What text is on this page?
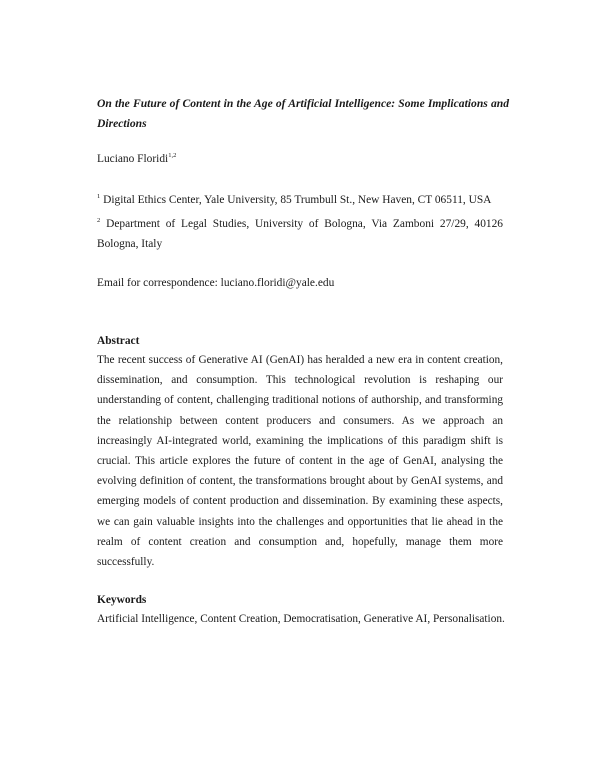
On the Future of Content in the Age of Artificial Intelligence: Some Implications and Directions

Luciano Floridi$^{1,2}$

$^1$ Digital Ethics Center, Yale University, 85 Trumbull St., New Haven, CT 06511, USA

$^2$ Department of Legal Studies, University of Bologna, Via Zamboni 27/29, 40126 Bologna, Italy

Email for correspondence: luciano.floridi@yale.edu

Abstract

The recent success of Generative AI (GenAI) has heralded a new era in content creation, dissemination, and consumption. This technological revolution is reshaping our understanding of content, challenging traditional notions of authorship, and transforming the relationship between content producers and consumers. As we approach an increasingly AI-integrated world, examining the implications of this paradigm shift is crucial. This article explores the future of content in the age of GenAI, analysing the evolving definition of content, the transformations brought about by GenAI systems, and emerging models of content production and dissemination. By examining these aspects, we can gain valuable insights into the challenges and opportunities that lie ahead in the realm of content creation and consumption and, hopefully, manage them more successfully.

Keywords

Artificial Intelligence, Content Creation, Democratisation, Generative AI, Personalisation.
